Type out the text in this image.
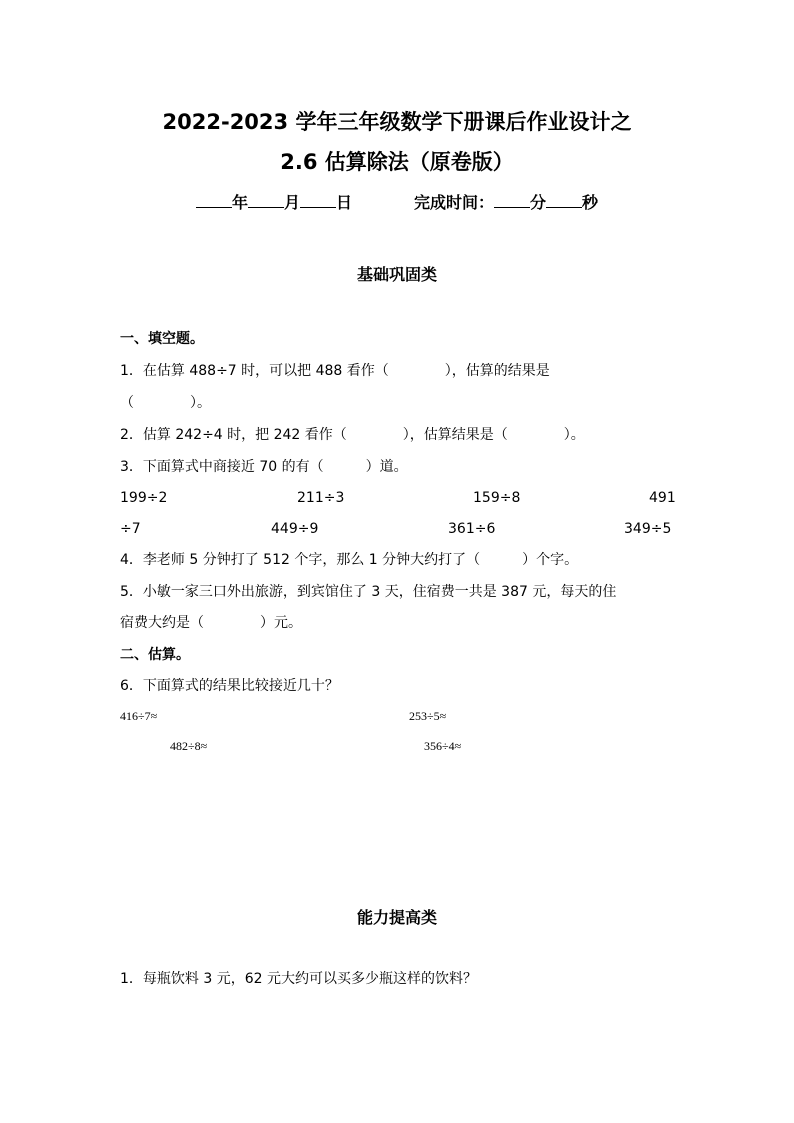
2022-2023 学年三年级数学下册课后作业设计之
2.6 估算除法（原卷版）
年 月 日	完成时间： 分 秒
基础巩固类
一、填空题。
1．在估算 488÷7 时，可以把 488 看作（　　　　），估算的结果是
（　　　　）。
2．估算 242÷4 时，把 242 看作（　　　　），估算结果是（　　　　）。
3．下面算式中商接近 70 的有（　　　）道。
199÷2	211÷3	159÷8	491
÷7	449÷9	361÷6	349÷5
4．李老师 5 分钟打了 512 个字，那么 1 分钟大约打了（　　　）个字。
5．小敏一家三口外出旅游，到宾馆住了 3 天，住宿费一共是 387 元，每天的住
宿费大约是（　　　　）元。
二、估算。
6．下面算式的结果比较接近几十？
416÷7≈	253÷5≈
482÷8≈	356÷4≈
能力提高类
1．每瓶饮料 3 元，62 元大约可以买多少瓶这样的饮料？
